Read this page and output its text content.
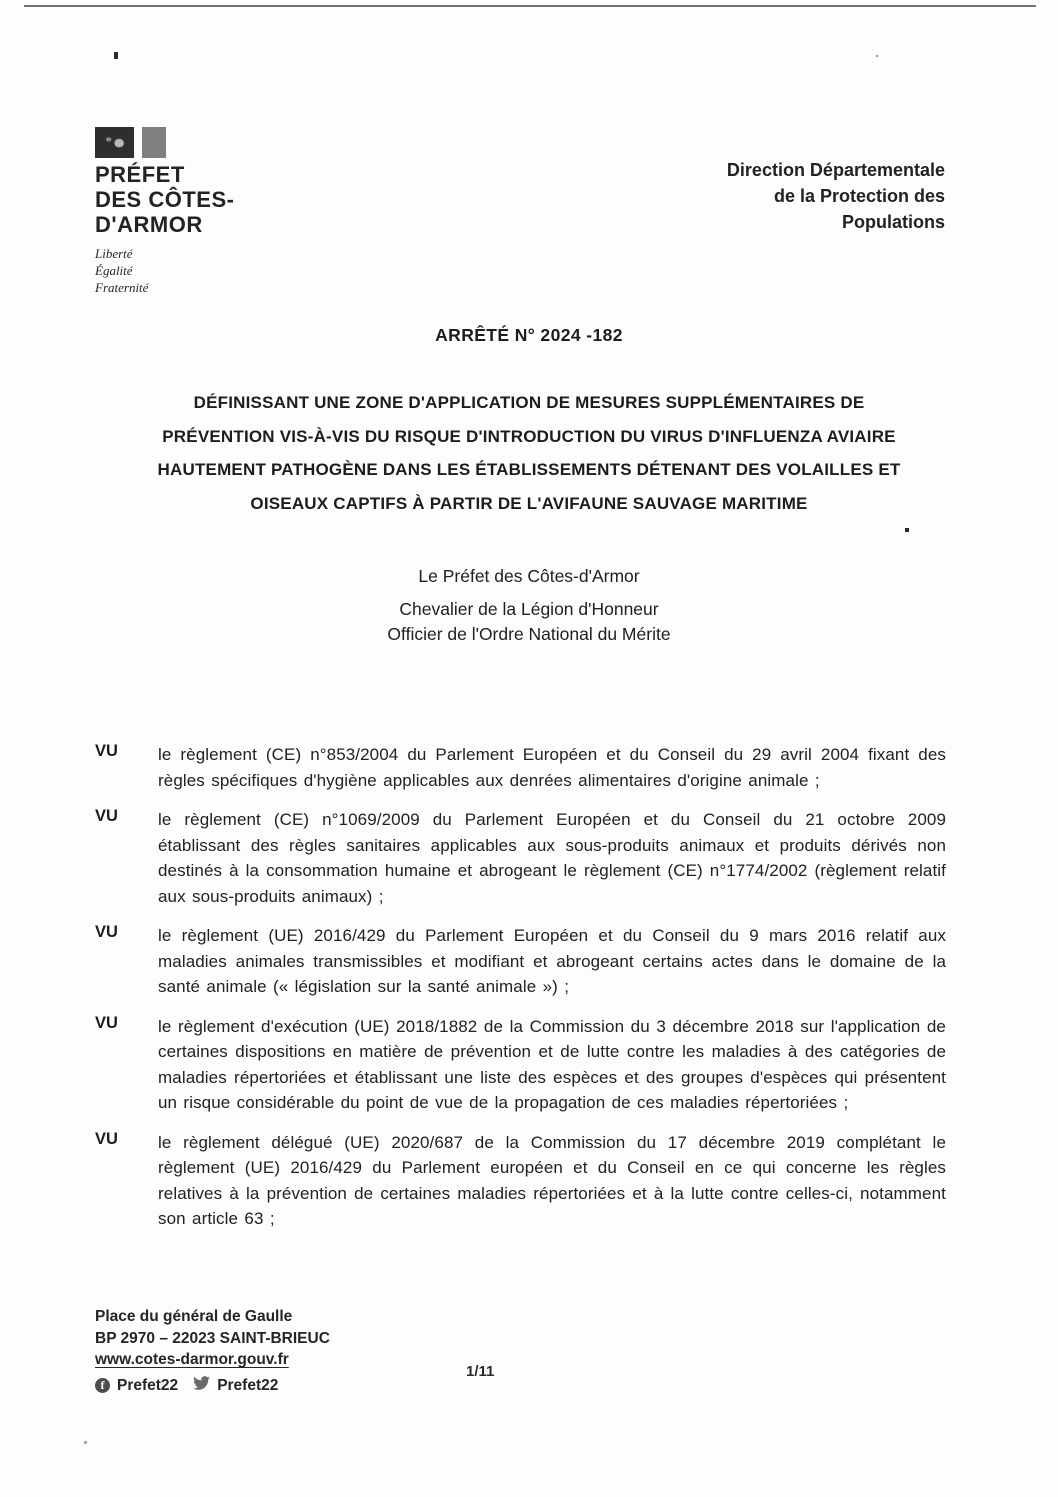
PRÉFET
DES CÔTES-
D'ARMOR
Liberté
Égalité
Fraternité
Direction Départementale
de la Protection des
Populations
ARRÊTÉ N° 2024 -182
DÉFINISSANT UNE ZONE D'APPLICATION DE MESURES SUPPLÉMENTAIRES DE
PRÉVENTION VIS-À-VIS DU RISQUE D'INTRODUCTION DU VIRUS D'INFLUENZA AVIAIRE
HAUTEMENT PATHOGÈNE DANS LES ÉTABLISSEMENTS DÉTENANT DES VOLAILLES ET
OISEAUX CAPTIFS À PARTIR DE L'AVIFAUNE SAUVAGE MARITIME
Le Préfet des Côtes-d'Armor
Chevalier de la Légion d'Honneur
Officier de l'Ordre National du Mérite
VU	le règlement (CE) n°853/2004 du Parlement Européen et du Conseil du 29 avril 2004 fixant des règles spécifiques d'hygiène applicables aux denrées alimentaires d'origine animale ;

VU	le règlement (CE) n°1069/2009 du Parlement Européen et du Conseil du 21 octobre 2009 établissant des règles sanitaires applicables aux sous-produits animaux et produits dérivés non destinés à la consommation humaine et abrogeant le règlement (CE) n°1774/2002 (règlement relatif aux sous-produits animaux) ;

VU	le règlement (UE) 2016/429 du Parlement Européen et du Conseil du 9 mars 2016 relatif aux maladies animales transmissibles et modifiant et abrogeant certains actes dans le domaine de la santé animale (« législation sur la santé animale ») ;

VU	le règlement d'exécution (UE) 2018/1882 de la Commission du 3 décembre 2018 sur l'application de certaines dispositions en matière de prévention et de lutte contre les maladies à des catégories de maladies répertoriées et établissant une liste des espèces et des groupes d'espèces qui présentent un risque considérable du point de vue de la propagation de ces maladies répertoriées ;

VU	le règlement délégué (UE) 2020/687 de la Commission du 17 décembre 2019 complétant le règlement (UE) 2016/429 du Parlement européen et du Conseil en ce qui concerne les règles relatives à la prévention de certaines maladies répertoriées et à la lutte contre celles-ci, notamment son article 63 ;

Place du général de Gaulle
BP 2970 – 22023 SAINT-BRIEUC
www.cotes-darmor.gouv.fr
f Prefet22	Prefet22
1/11
